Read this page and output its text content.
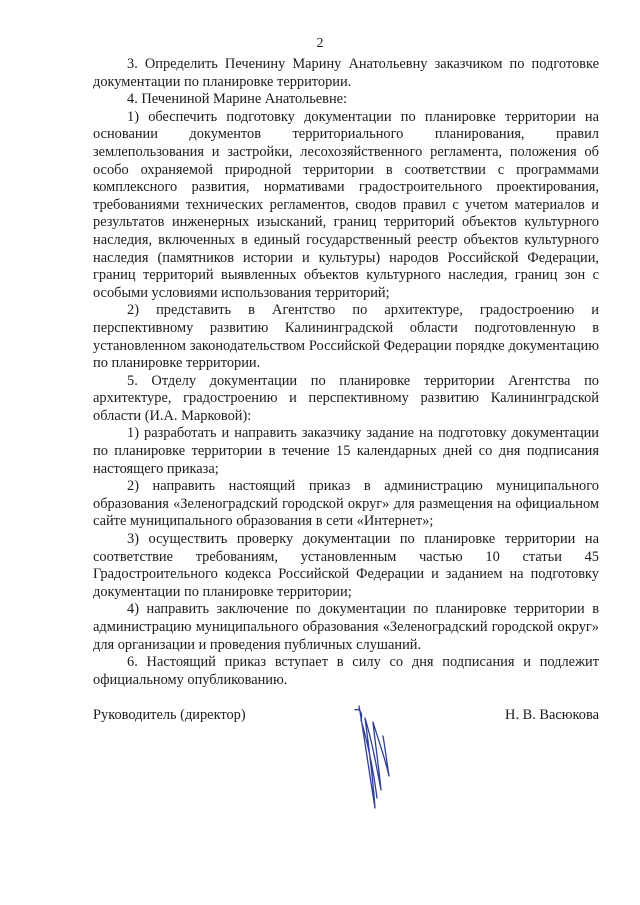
2

3. Определить Печенину Марину Анатольевну заказчиком по подготовке документации по планировке территории.

4. Печениной Марине Анатольевне:

1) обеспечить подготовку документации по планировке территории на основании документов территориального планирования, правил землепользования и застройки, лесохозяйственного регламента, положения об особо охраняемой природной территории в соответствии с программами комплексного развития, нормативами градостроительного проектирования, требованиями технических регламентов, сводов правил с учетом материалов и результатов инженерных изысканий, границ территорий объектов культурного наследия, включенных в единый государственный реестр объектов культурного наследия (памятников истории и культуры) народов Российской Федерации, границ территорий выявленных объектов культурного наследия, границ зон с особыми условиями использования территорий;

2) представить в Агентство по архитектуре, градостроению и перспективному развитию Калининградской области подготовленную в установленном законодательством Российской Федерации порядке документацию по планировке территории.

5. Отделу документации по планировке территории Агентства по архитектуре, градостроению и перспективному развитию Калининградской области (И.А. Марковой):

1) разработать и направить заказчику задание на подготовку документации по планировке территории в течение 15 календарных дней со дня подписания настоящего приказа;

2) направить настоящий приказ в администрацию муниципального образования «Зеленоградский городской округ» для размещения на официальном сайте муниципального образования в сети «Интернет»;

3) осуществить проверку документации по планировке территории на соответствие требованиям, установленным частью 10 статьи 45 Градостроительного кодекса Российской Федерации и заданием на подготовку документации по планировке территории;

4) направить заключение по документации по планировке территории в администрацию муниципального образования «Зеленоградский городской округ» для организации и проведения публичных слушаний.

6. Настоящий приказ вступает в силу со дня подписания и подлежит официальному опубликованию.

Руководитель (директор)	Н. В. Васюкова
